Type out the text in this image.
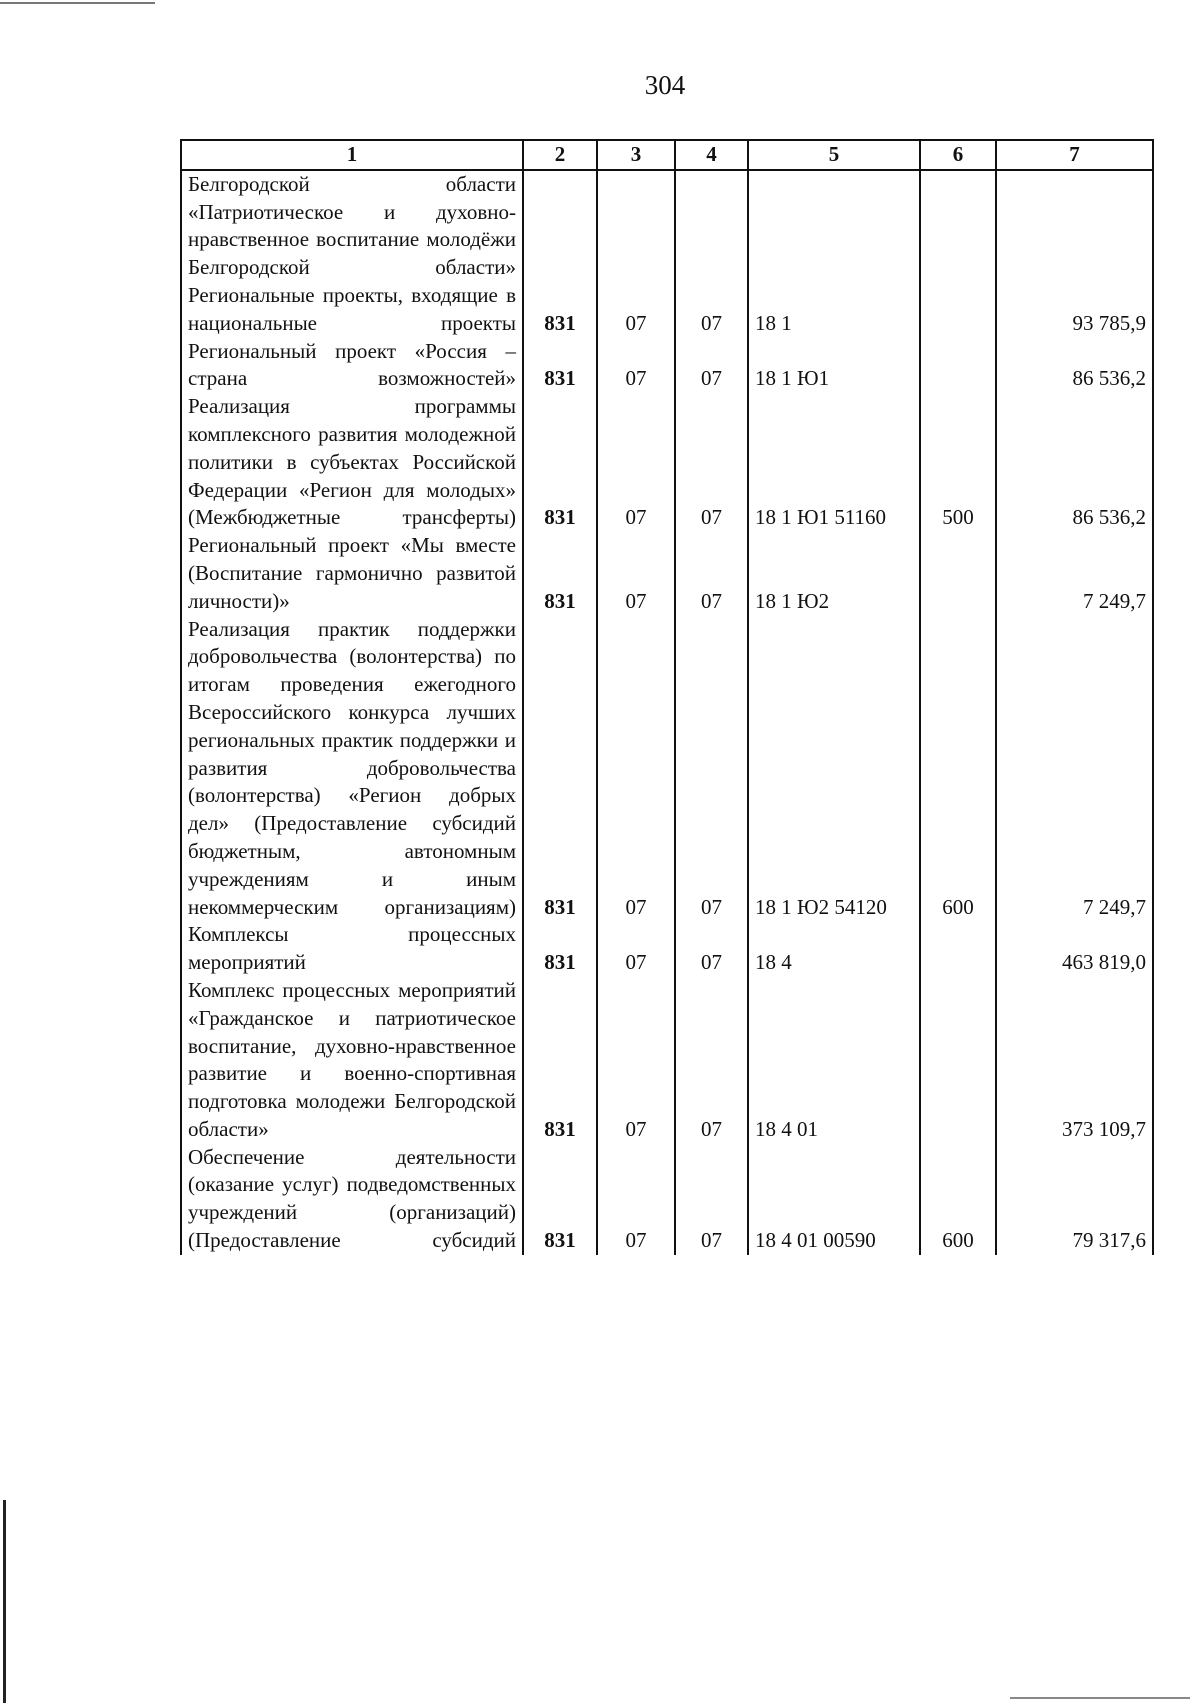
304
1	2	3	4	5	6	7
Белгородской области «Патриотическое и духовно-нравственное воспитание молодёжи Белгородской области»						
Региональные проекты, входящие в национальные проекты	831	07	07	18 1		93 785,9
Региональный проект «Россия – страна возможностей»	831	07	07	18 1 Ю1		86 536,2
Реализация программы комплексного развития молодежной политики в субъектах Российской Федерации «Регион для молодых» (Межбюджетные трансферты)	831	07	07	18 1 Ю1 51160	500	86 536,2
Региональный проект «Мы вместе (Воспитание гармонично развитой личности)»	831	07	07	18 1 Ю2		7 249,7
Реализация практик поддержки добровольчества (волонтерства) по итогам проведения ежегодного Всероссийского конкурса лучших региональных практик поддержки и развития добровольчества (волонтерства) «Регион добрых дел» (Предоставление субсидий бюджетным, автономным учреждениям и иным некоммерческим организациям)	831	07	07	18 1 Ю2 54120	600	7 249,7
Комплексы процессных мероприятий	831	07	07	18 4		463 819,0
Комплекс процессных мероприятий «Гражданское и патриотическое воспитание, духовно-нравственное развитие и военно-спортивная подготовка молодежи Белгородской области»	831	07	07	18 4 01		373 109,7
Обеспечение деятельности (оказание услуг) подведомственных учреждений (организаций) (Предоставление субсидий	831	07	07	18 4 01 00590	600	79 317,6
